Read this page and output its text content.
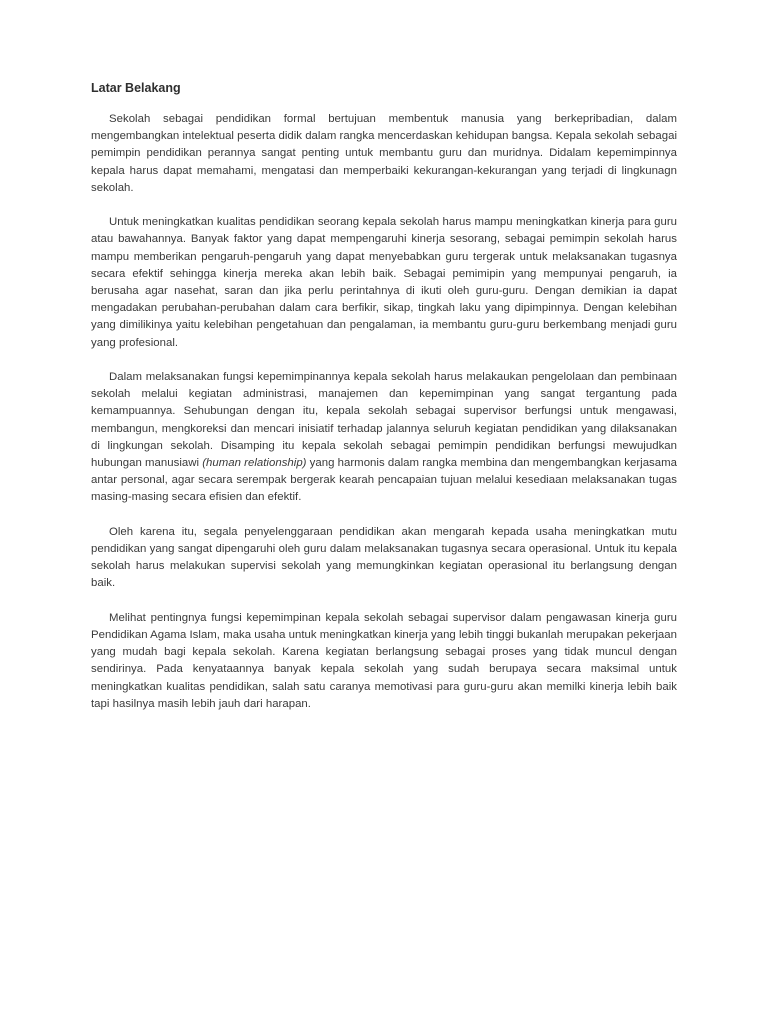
Latar Belakang

Sekolah sebagai pendidikan formal bertujuan membentuk manusia yang berkepribadian, dalam mengembangkan intelektual peserta didik dalam rangka mencerdaskan kehidupan bangsa. Kepala sekolah sebagai pemimpin pendidikan perannya sangat penting untuk membantu guru dan muridnya. Didalam kepemimpinnya kepala harus dapat memahami, mengatasi dan memperbaiki kekurangan-kekurangan yang terjadi di lingkunagn sekolah.

Untuk meningkatkan kualitas pendidikan seorang kepala sekolah harus mampu meningkatkan kinerja para guru atau bawahannya. Banyak faktor yang dapat mempengaruhi kinerja sesorang, sebagai pemimpin sekolah harus mampu memberikan pengaruh-pengaruh yang dapat menyebabkan guru tergerak untuk melaksanakan tugasnya secara efektif sehingga kinerja mereka akan lebih baik. Sebagai pemimipin yang mempunyai pengaruh, ia berusaha agar nasehat, saran dan jika perlu perintahnya di ikuti oleh guru-guru. Dengan demikian ia dapat mengadakan perubahan-perubahan dalam cara berfikir, sikap, tingkah laku yang dipimpinnya. Dengan kelebihan yang dimilikinya yaitu kelebihan pengetahuan dan pengalaman, ia membantu guru-guru berkembang menjadi guru yang profesional.

Dalam melaksanakan fungsi kepemimpinannya kepala sekolah harus melakaukan pengelolaan dan pembinaan sekolah melalui kegiatan administrasi, manajemen dan kepemimpinan yang sangat tergantung pada kemampuannya. Sehubungan dengan itu, kepala sekolah sebagai supervisor berfungsi untuk mengawasi, membangun, mengkoreksi dan mencari inisiatif terhadap jalannya seluruh kegiatan pendidikan yang dilaksanakan di lingkungan sekolah. Disamping itu kepala sekolah sebagai pemimpin pendidikan berfungsi mewujudkan hubungan manusiawi (human relationship) yang harmonis dalam rangka membina dan mengembangkan kerjasama antar personal, agar secara serempak bergerak kearah pencapaian tujuan melalui kesediaan melaksanakan tugas masing-masing secara efisien dan efektif.

Oleh karena itu, segala penyelenggaraan pendidikan akan mengarah kepada usaha meningkatkan mutu pendidikan yang sangat dipengaruhi oleh guru dalam melaksanakan tugasnya secara operasional. Untuk itu kepala sekolah harus melakukan supervisi sekolah yang memungkinkan kegiatan operasional itu berlangsung dengan baik.

Melihat pentingnya fungsi kepemimpinan kepala sekolah sebagai supervisor dalam pengawasan kinerja guru Pendidikan Agama Islam, maka usaha untuk meningkatkan kinerja yang lebih tinggi bukanlah merupakan pekerjaan yang mudah bagi kepala sekolah. Karena kegiatan berlangsung sebagai proses yang tidak muncul dengan sendirinya. Pada kenyataannya banyak kepala sekolah yang sudah berupaya secara maksimal untuk meningkatkan kualitas pendidikan, salah satu caranya memotivasi para guru-guru akan memilki kinerja lebih baik tapi hasilnya masih lebih jauh dari harapan.
